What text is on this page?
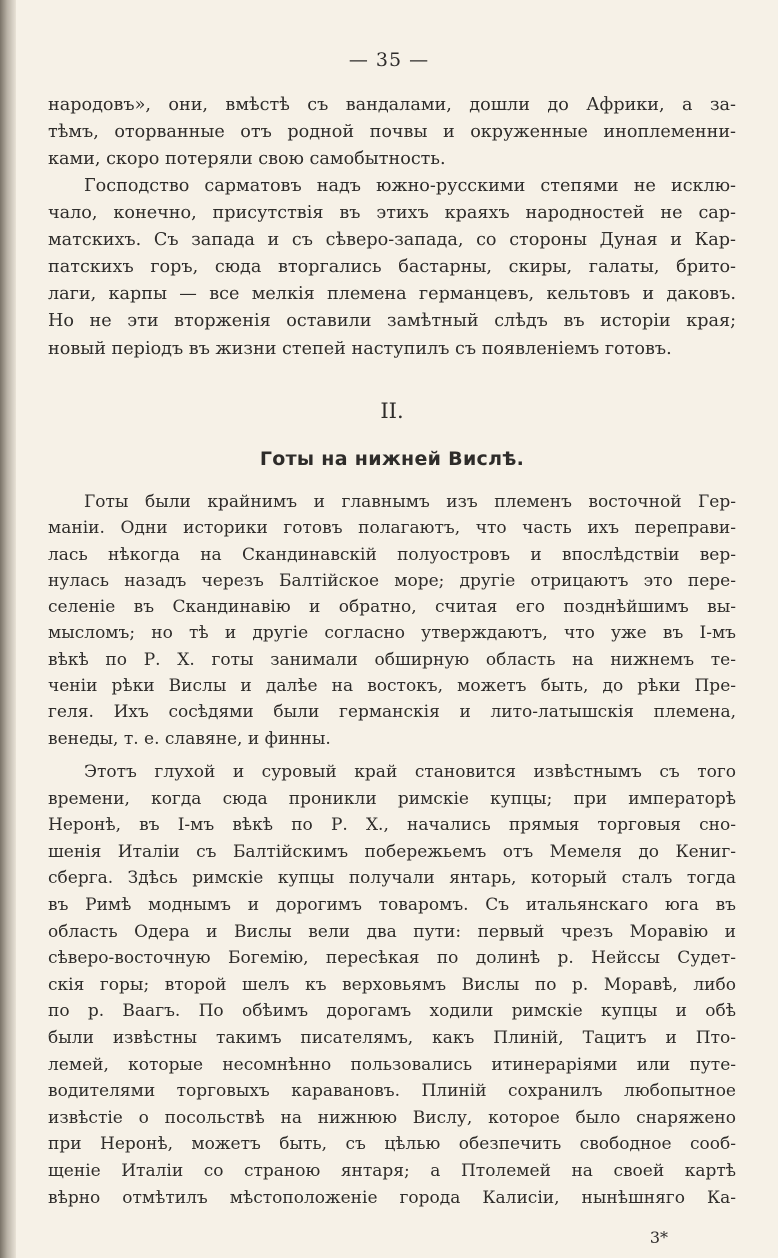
— 35 —

народовъ», они, вмѣстѣ съ вандалами, дошли до Африки, а за-
тѣмъ, оторванные отъ родной почвы и окруженные иноплеменни-
ками, скоро потеряли свою самобытность.

Господство сарматовъ надъ южно-русскими степями не исклю-
чало, конечно, присутствія въ этихъ краяхъ народностей не сар-
матскихъ. Съ запада и съ сѣверо-запада, со стороны Дуная и Кар-
патскихъ горъ, сюда вторгались бастарны, скиры, галаты, брито-
лаги, карпы — все мелкія племена германцевъ, кельтовъ и даковъ.
Но не эти вторженія оставили замѣтный слѣдъ въ исторіи края;
новый періодъ въ жизни степей наступилъ съ появленіемъ готовъ.

II.
Готы на нижней Вислѣ.

Готы были крайнимъ и главнымъ изъ племенъ восточной Гер-
маніи. Одни историки готовъ полагаютъ, что часть ихъ перепрaви-
лась нѣкогда на Скандинавскій полуостровъ и впослѣдствіи вер-
нулась назадъ черезъ Балтійское море; другіе отрицаютъ это пере-
селеніе въ Скандинавію и обратно, считая его позднѣйшимъ вы-
мысломъ; но тѣ и другіе согласно утверждаютъ, что уже въ I-мъ
вѣкѣ по Р. Х. готы занимали обширную область на нижнемъ те-
ченіи рѣки Вислы и далѣе на востокъ, можетъ быть, до рѣки Пре-
геля. Ихъ сосѣдями были германскія и лито-латышскія племена,
венеды, т. е. славяне, и финны.

Этотъ глухой и суровый край становится извѣстнымъ съ того
времени, когда сюда проникли римскіе купцы; при императорѣ
Неронѣ, въ I-мъ вѣкѣ по Р. Х., начались прямыя торговыя сно-
шенія Италіи съ Балтійскимъ побережьемъ отъ Мемеля до Кениг-
сберга. Здѣсь римскіе купцы получали янтарь, который сталъ тогда
въ Римѣ моднымъ и дорогимъ товаромъ. Съ итальянскаго юга въ
область Одера и Вислы вели два пути: первый чрезъ Моравію и
сѣверо-восточную Богемію, пересѣкая по долинѣ р. Нейссы Судет-
скія горы; второй шелъ къ верховьямъ Вислы по р. Моравѣ, либо
по р. Ваагъ. По обѣимъ дорогамъ ходили римскіе купцы и обѣ
были извѣстны такимъ писателямъ, какъ Плиній, Тацитъ и Пто-
лемей, которые несомнѣнно пользовались итинераріями или путе-
водителями торговыхъ каравановъ. Плиній сохранилъ любопытное
извѣстіе о посольствѣ на нижнюю Вислу, которое было снаряжено
при Неронѣ, можетъ быть, съ цѣлью обезпечить свободное сооб-
щеніе Италіи со страною янтаря; а Птолемей на своей картѣ
вѣрно отмѣтилъ мѣстоположеніе города Калисіи, нынѣшняго Ка-

3*
